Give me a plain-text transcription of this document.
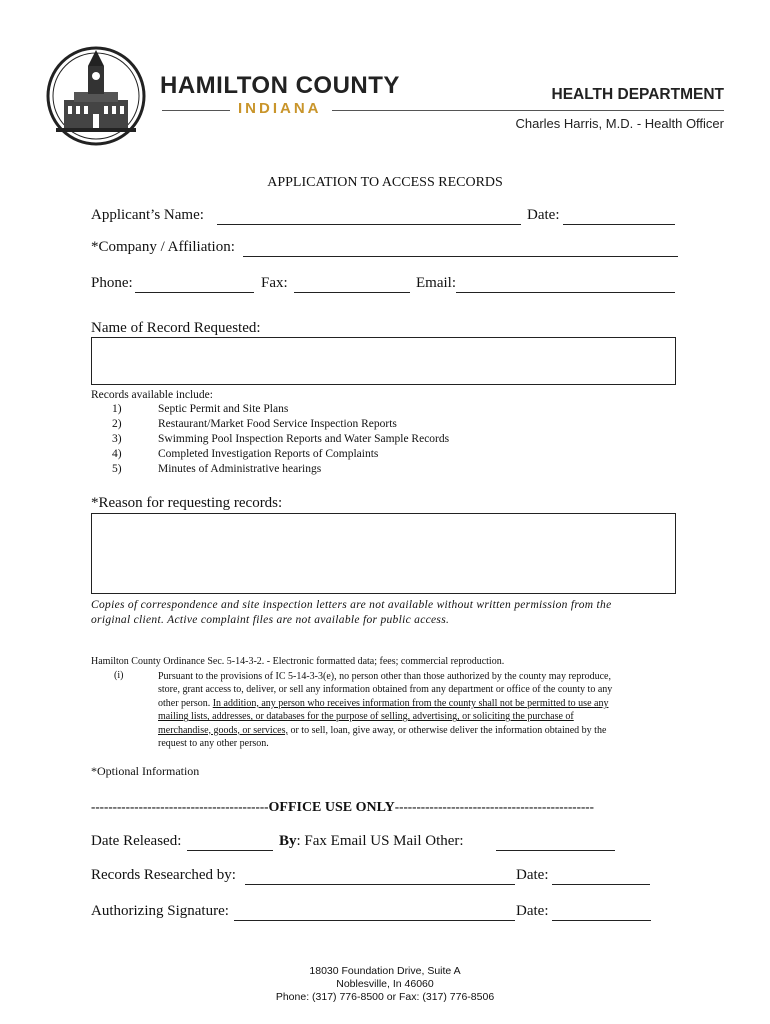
HAMILTON COUNTY
INDIANA
HEALTH DEPARTMENT
Charles Harris, M.D. - Health Officer
APPLICATION TO ACCESS RECORDS
Applicant’s Name:	Date:
*Company / Affiliation:
Phone:	Fax:	Email:
Name of Record Requested:
Records available include:
1)	Septic Permit and Site Plans
2)	Restaurant/Market Food Service Inspection Reports
3)	Swimming Pool Inspection Reports and Water Sample Records
4)	Completed Investigation Reports of Complaints
5)	Minutes of Administrative hearings
*Reason for requesting records:
Copies of correspondence and site inspection letters are not available without written permission from the
original client. Active complaint files are not available for public access.
Hamilton County Ordinance Sec. 5-14-3-2. - Electronic formatted data; fees; commercial reproduction.
(i)	Pursuant to the provisions of IC 5-14-3-3(e), no person other than those authorized by the county may reproduce,
store, grant access to, deliver, or sell any information obtained from any department or office of the county to any
other person. In addition, any person who receives information from the county shall not be permitted to use any
mailing lists, addresses, or databases for the purpose of selling, advertising, or soliciting the purchase of
merchandise, goods, or services, or to sell, loan, give away, or otherwise deliver the information obtained by the
request to any other person.
*Optional Information
-----------------------------------------OFFICE USE ONLY----------------------------------------------
Date Released:	By: Fax Email US Mail Other:
Records Researched by:	Date:
Authorizing Signature:	Date:
18030 Foundation Drive, Suite A
Noblesville, In 46060
Phone: (317) 776-8500 or Fax: (317) 776-8506
